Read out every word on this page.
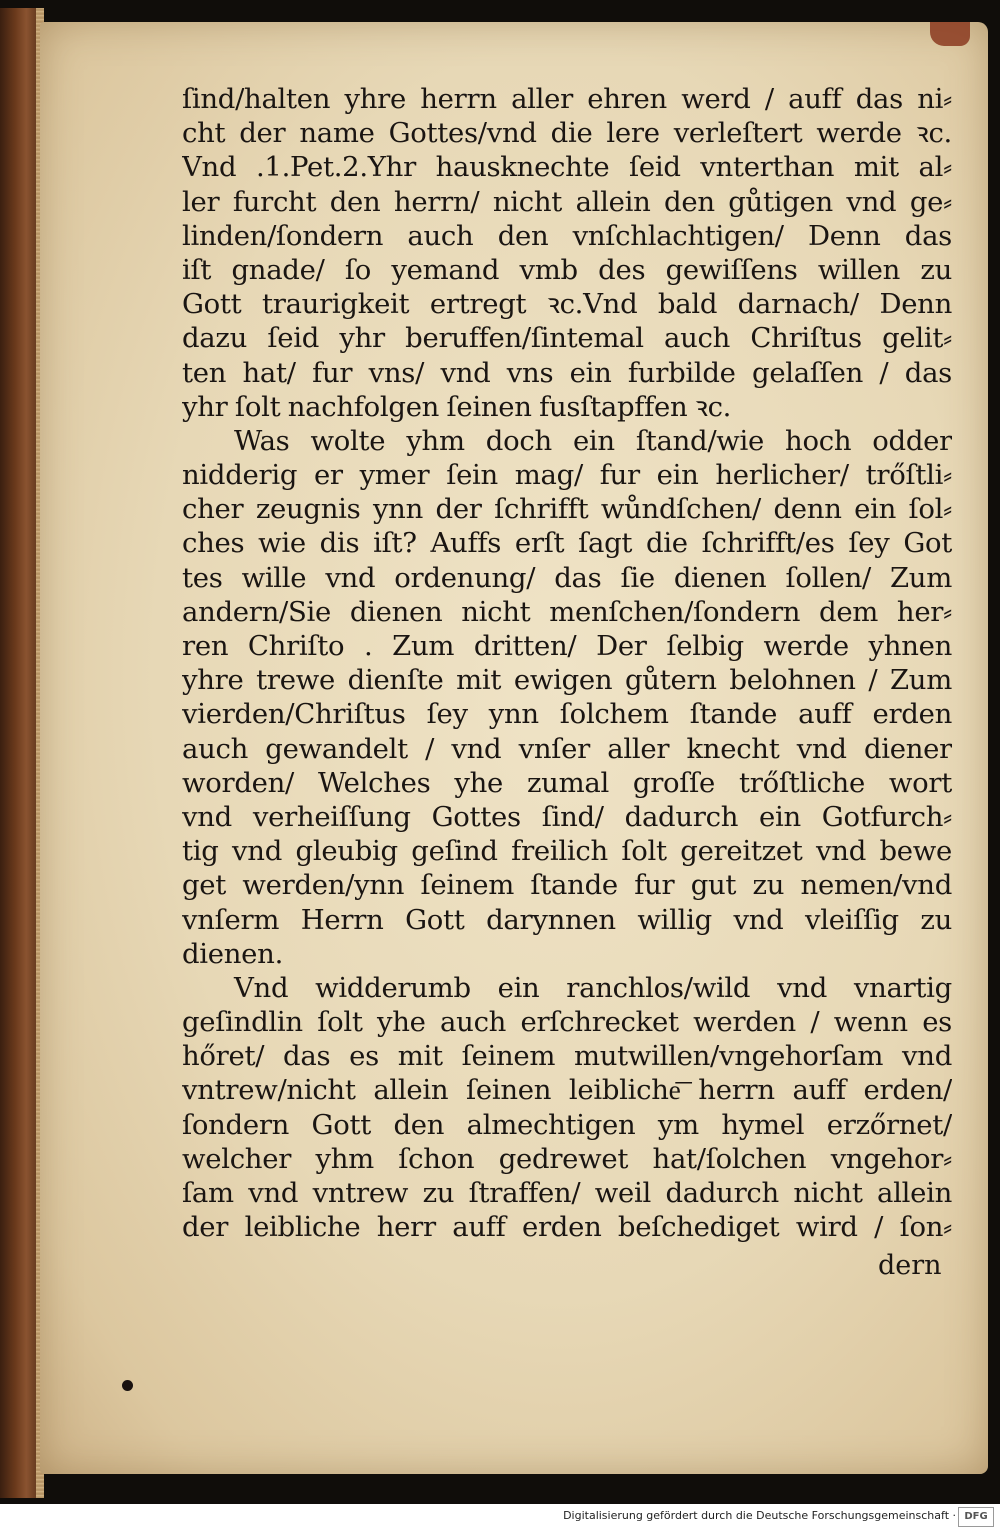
ſind/halten yhre herrn aller ehren werd / auff das ni⸗
cht der name Gottes/vnd die lere verleſtert werde ꝛc.
Vnd .1.Pet.2.Yhr hausknechte ſeid vnterthan mit al⸗
ler furcht den herrn/ nicht allein den gůtigen vnd ge⸗
linden/ſondern auch den vnſchlachtigen/ Denn das
iſt gnade/ ſo yemand vmb des gewiſſens willen zu
Gott traurigkeit ertregt ꝛc.Vnd bald darnach/ Denn
dazu ſeid yhr beruffen/ſintemal auch Chriſtus gelit⸗
ten hat/ fur vns/ vnd vns ein furbilde gelaſſen / das
yhr ſolt nachfolgen ſeinen fusſtapffen ꝛc.
Was wolte yhm doch ein ſtand/wie hoch odder
nidderig er ymer ſein mag/ fur ein herlicher/ trőſtli⸗
cher zeugnis ynn der ſchrifft wůndſchen/ denn ein ſol⸗
ches wie dis iſt? Auffs erſt ſagt die ſchrifft/es ſey Got
tes wille vnd ordenung/ das ſie dienen ſollen/ Zum
andern/Sie dienen nicht menſchen/ſondern dem her⸗
ren Chriſto . Zum dritten/ Der ſelbig werde yhnen
yhre trewe dienſte mit ewigen gůtern belohnen / Zum
vierden/Chriſtus ſey ynn ſolchem ſtande auff erden
auch gewandelt / vnd vnſer aller knecht vnd diener
worden/ Welches yhe zumal groſſe trőſtliche wort
vnd verheiſſung Gottes ſind/ dadurch ein Gotfurch⸗
tig vnd gleubig geſind freilich ſolt gereitzet vnd bewe
get werden/ynn ſeinem ſtande fur gut zu nemen/vnd
vnſerm Herrn Gott darynnen willig vnd vleiſſig zu
dienen.
Vnd widderumb ein ranchlos/wild vnd vnartig
geſindlin ſolt yhe auch erſchrecket werden / wenn es
hőret/ das es mit ſeinem mutwillen/vngehorſam vnd
vntrew/nicht allein ſeinen leibliche͞ herrn auff erden/
ſondern Gott den almechtigen ym hymel erzőrnet/
welcher yhm ſchon gedrewet hat/ſolchen vngehor⸗
ſam vnd vntrew zu ſtraffen/ weil dadurch nicht allein
der leibliche herr auff erden beſchediget wird / ſon⸗
dern
Digitalisierung gefördert durch die Deutsche Forschungsgemeinschaft · DFG
